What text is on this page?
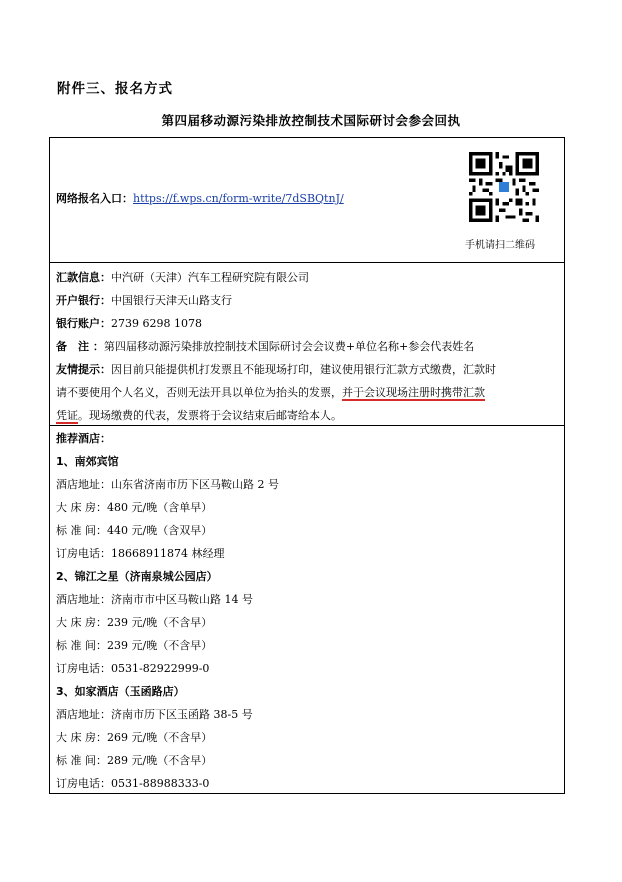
附件三、报名方式
第四届移动源污染排放控制技术国际研讨会参会回执
网络报名入口：https://f.wps.cn/form-write/7dSBQtnJ/
手机请扫二维码
汇款信息：中汽研（天津）汽车工程研究院有限公司
开户银行：中国银行天津天山路支行
银行账户：2739 6298 1078
备　注 ：第四届移动源污染排放控制技术国际研讨会会议费+单位名称+参会代表姓名
友情提示：因目前只能提供机打发票且不能现场打印，建议使用银行汇款方式缴费，汇款时
请不要使用个人名义，否则无法开具以单位为抬头的发票，并于会议现场注册时携带汇款
凭证。现场缴费的代表，发票将于会议结束后邮寄给本人。
推荐酒店：
1、南郊宾馆
酒店地址：山东省济南市历下区马鞍山路 2 号
大 床 房：480 元/晚（含单早）
标 准 间：440 元/晚（含双早）
订房电话：18668911874 林经理
2、锦江之星（济南泉城公园店）
酒店地址：济南市市中区马鞍山路 14 号
大 床 房：239 元/晚（不含早）
标 准 间：239 元/晚（不含早）
订房电话：0531-82922999-0
3、如家酒店（玉函路店）
酒店地址：济南市历下区玉函路 38-5 号
大 床 房：269 元/晚（不含早）
标 准 间：289 元/晚（不含早）
订房电话：0531-88988333-0
